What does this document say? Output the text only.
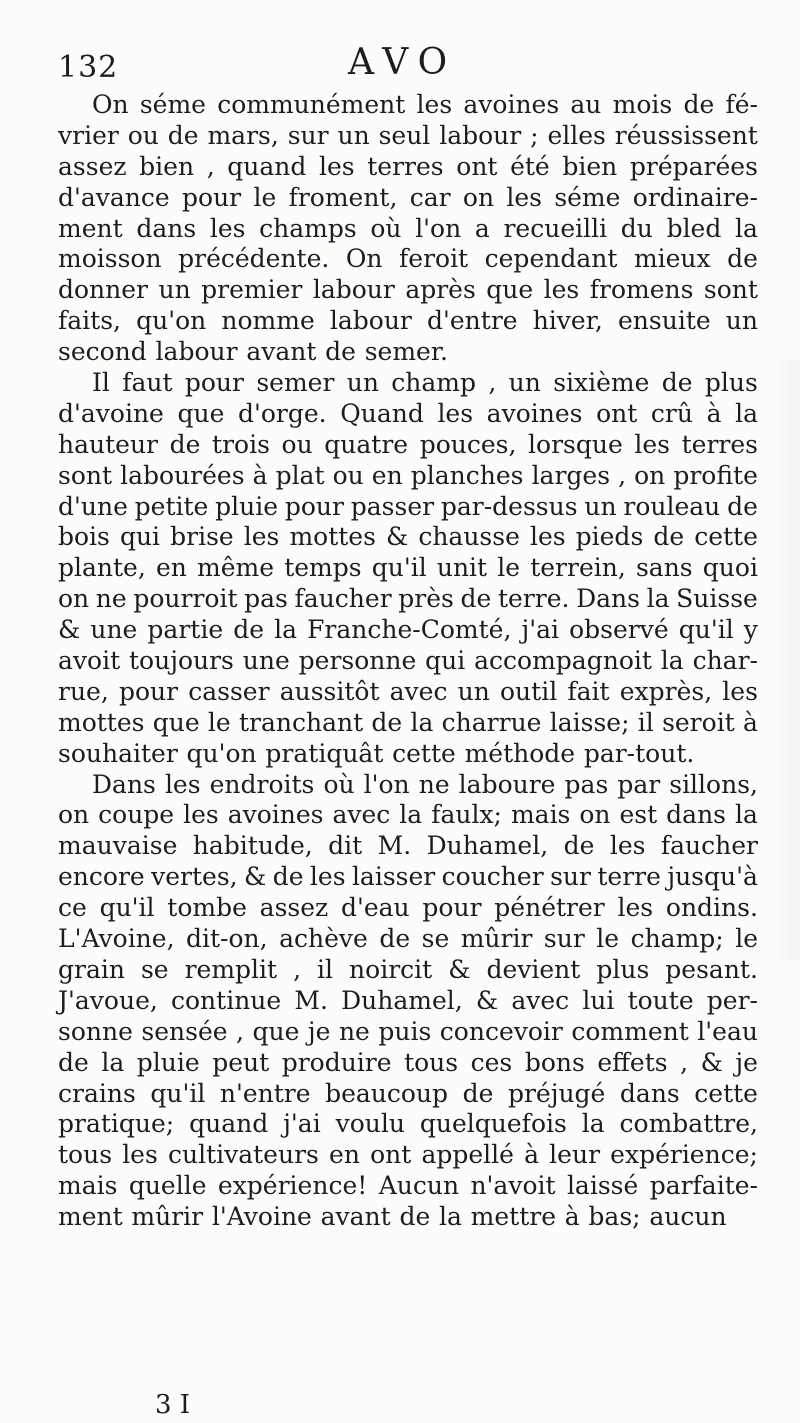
132	AVO
On séme communément les avoines au mois de fé-
vrier ou de mars, sur un seul labour ; elles réussissent
assez bien , quand les terres ont été bien préparées
d'avance pour le froment, car on les séme ordinaire-
ment dans les champs où l'on a recueilli du bled la
moisson précédente. On feroit cependant mieux de
donner un premier labour après que les fromens sont
faits, qu'on nomme labour d'entre hiver, ensuite un
second labour avant de semer.
Il faut pour semer un champ , un sixième de plus
d'avoine que d'orge. Quand les avoines ont crû à la
hauteur de trois ou quatre pouces, lorsque les terres
sont labourées à plat ou en planches larges , on profite
d'une petite pluie pour passer par-dessus un rouleau de
bois qui brise les mottes & chausse les pieds de cette
plante, en même temps qu'il unit le terrein, sans quoi
on ne pourroit pas faucher près de terre. Dans la Suisse
& une partie de la Franche-Comté, j'ai observé qu'il y
avoit toujours une personne qui accompagnoit la char-
rue, pour casser aussitôt avec un outil fait exprès, les
mottes que le tranchant de la charrue laisse; il seroit à
souhaiter qu'on pratiquât cette méthode par-tout.
Dans les endroits où l'on ne laboure pas par sillons,
on coupe les avoines avec la faulx; mais on est dans la
mauvaise habitude, dit M. Duhamel, de les faucher
encore vertes, & de les laisser coucher sur terre jusqu'à
ce qu'il tombe assez d'eau pour pénétrer les ondins.
L'Avoine, dit-on, achève de se mûrir sur le champ; le
grain se remplit , il noircit & devient plus pesant.
J'avoue, continue M. Duhamel, & avec lui toute per-
sonne sensée , que je ne puis concevoir comment l'eau
de la pluie peut produire tous ces bons effets , & je
crains qu'il n'entre beaucoup de préjugé dans cette
pratique; quand j'ai voulu quelquefois la combattre,
tous les cultivateurs en ont appellé à leur expérience;
mais quelle expérience! Aucun n'avoit laissé parfaite-
ment mûrir l'Avoine avant de la mettre à bas; aucun
3 I
